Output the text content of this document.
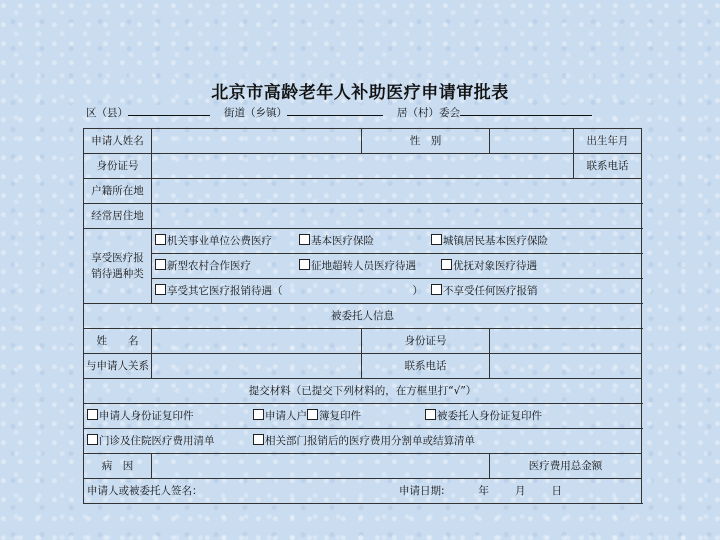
北京市高龄老年人补助医疗申请审批表
区（县）	街道（乡镇）	居（村）委会
申请人姓名		性　别		出生年月	
身份证号				联系电话	
户籍所在地					
经常居住地					
享受医疗报销待遇种类	机关事业单位公费医疗 基本医疗保险 城镇居民基本医疗保险				
	新型农村合作医疗 征地超转人员医疗待遇 优抚对象医疗待遇				
	享受其它医疗报销待遇（ ） 不享受任何医疗报销				
被委托人信息					
姓　　名		身份证号			
与申请人关系		联系电话		
提交材料（已提交下列材料的，在方框里打“√”）					
申请人身份证复印件 申请人户 簿复印件 被委托人身份证复印件					
门诊及住院医疗费用清单 相关部门报销后的医疗费用分割单或结算清单					
病　因			医疗费用总金额		
申请人或被委托人签名： 申请日期: 年 月 日					
